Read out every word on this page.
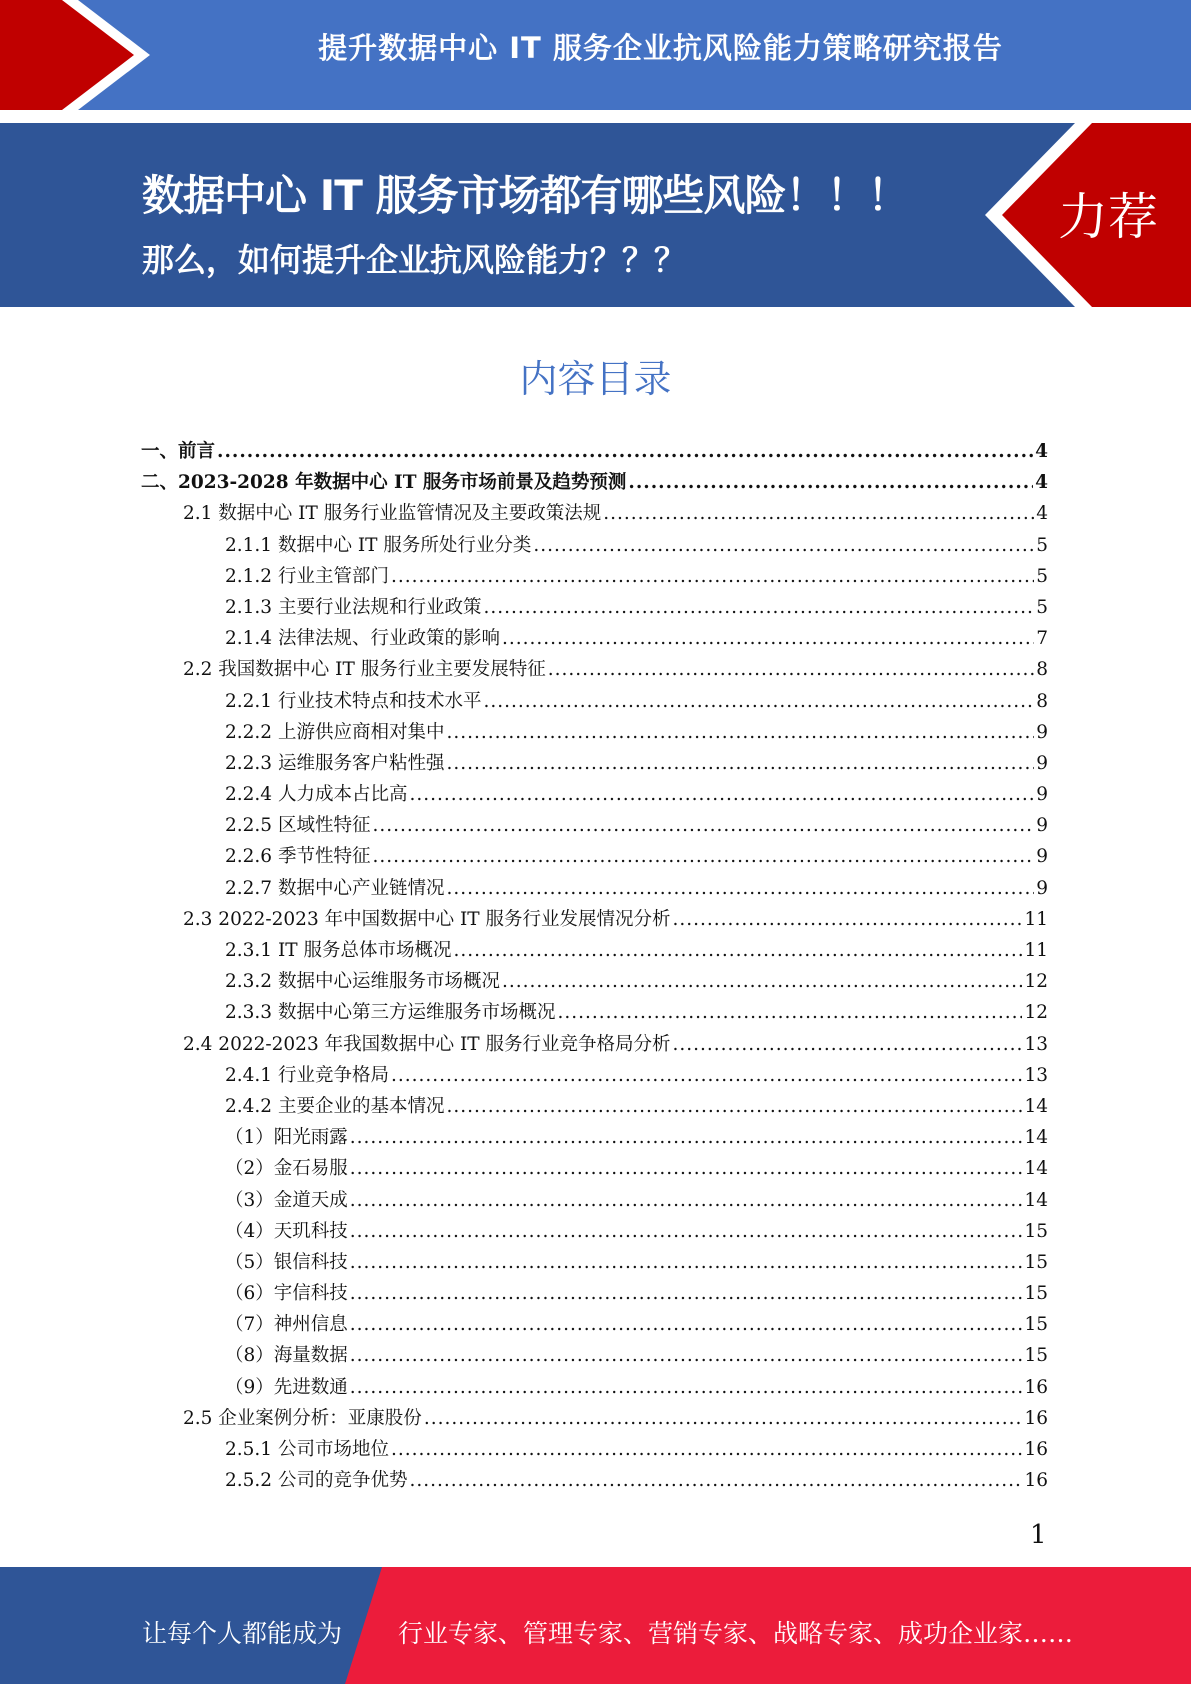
提升数据中心 IT 服务企业抗风险能力策略研究报告
数据中心 IT 服务市场都有哪些风险！！！
那么，如何提升企业抗风险能力？？？
力荐
内容目录
一、前言 .....	4
二、2023-2028 年数据中心 IT 服务市场前景及趋势预测 .....	4
2.1 数据中心 IT 服务行业监管情况及主要政策法规 .....	4
2.1.1 数据中心 IT 服务所处行业分类 .....	5
2.1.2 行业主管部门 .....	5
2.1.3 主要行业法规和行业政策 .....	5
2.1.4 法律法规、行业政策的影响 .....	7
2.2 我国数据中心 IT 服务行业主要发展特征 .....	8
2.2.1 行业技术特点和技术水平 .....	8
2.2.2 上游供应商相对集中 .....	9
2.2.3 运维服务客户粘性强 .....	9
2.2.4 人力成本占比高 .....	9
2.2.5 区域性特征 .....	9
2.2.6 季节性特征 .....	9
2.2.7 数据中心产业链情况 .....	9
2.3 2022-2023 年中国数据中心 IT 服务行业发展情况分析 .....	11
2.3.1 IT 服务总体市场概况 .....	11
2.3.2 数据中心运维服务市场概况 .....	12
2.3.3 数据中心第三方运维服务市场概况 .....	12
2.4 2022-2023 年我国数据中心 IT 服务行业竞争格局分析 .....	13
2.4.1 行业竞争格局 .....	13
2.4.2 主要企业的基本情况 .....	14
（1）阳光雨露 .....	14
（2）金石易服 .....	14
（3）金道天成 .....	14
（4）天玑科技 .....	15
（5）银信科技 .....	15
（6）宇信科技 .....	15
（7）神州信息 .....	15
（8）海量数据 .....	15
（9）先进数通 .....	16
2.5 企业案例分析：亚康股份 .....	16
2.5.1 公司市场地位 .....	16
2.5.2 公司的竞争优势 .....	16
1
让每个人都能成为 行业专家、管理专家、营销专家、战略专家、成功企业家……
